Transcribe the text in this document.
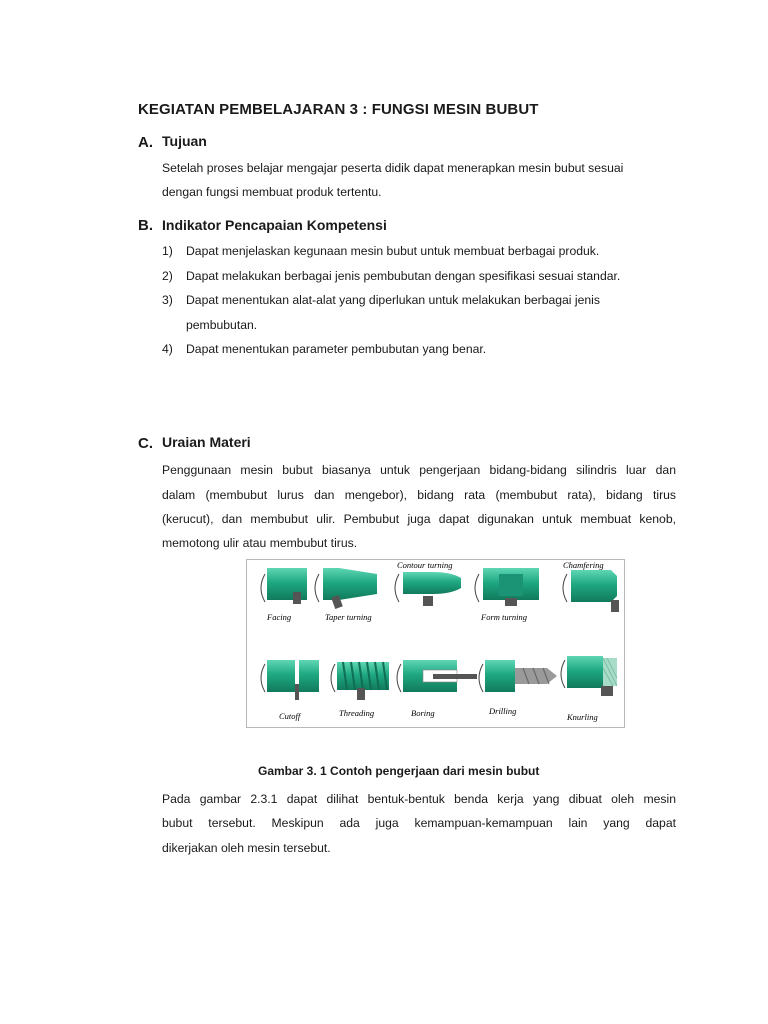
KEGIATAN PEMBELAJARAN 3 : FUNGSI MESIN BUBUT
A. Tujuan
Setelah proses belajar mengajar peserta didik dapat menerapkan mesin bubut sesuai
dengan fungsi membuat produk tertentu.
B. Indikator Pencapaian Kompetensi
1) Dapat menjelaskan kegunaan mesin bubut untuk membuat berbagai produk.
2) Dapat melakukan berbagai jenis pembubutan dengan spesifikasi sesuai standar.
3) Dapat menentukan alat-alat yang diperlukan untuk melakukan berbagai jenis
pembubutan.
4) Dapat menentukan parameter pembubutan yang benar.
C. Uraian Materi
Penggunaan mesin bubut biasanya untuk pengerjaan bidang-bidang silindris luar dan
dalam (membubut lurus dan mengebor), bidang rata (membubut rata), bidang tirus
(kerucut), dan membubut ulir. Pembubut juga dapat digunakan untuk membuat kenob,
memotong ulir atau membubut tirus.
Facing	Taper turning
Contour turning
Form turning
Chamfering
Cutoff	Threading	Boring	Drilling
Knurling
Gambar 3. 1 Contoh pengerjaan dari mesin bubut
Pada gambar 2.3.1 dapat dilihat bentuk-bentuk benda kerja yang dibuat oleh mesin
bubut tersebut. Meskipun ada juga kemampuan-kemampuan lain yang dapat
dikerjakan oleh mesin tersebut.
